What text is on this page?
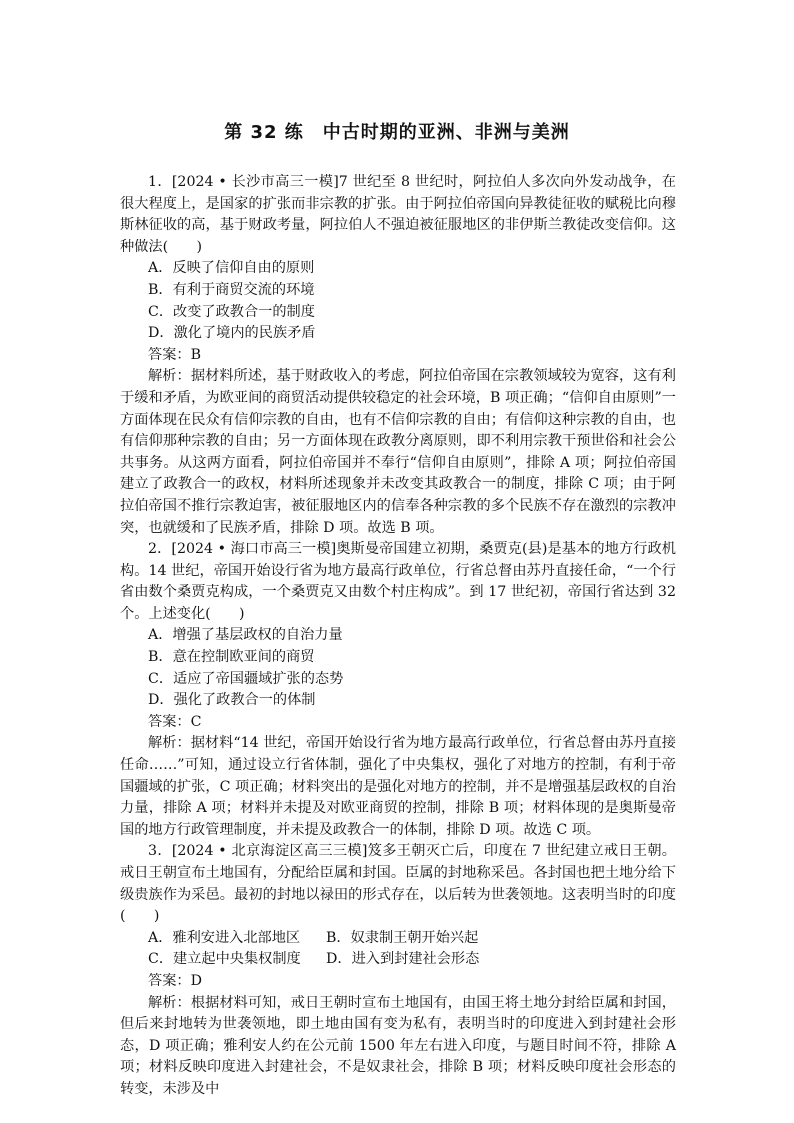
第 32 练　中古时期的亚洲、非洲与美洲

1．[2024 • 长沙市高三一模]7 世纪至 8 世纪时，阿拉伯人多次向外发动战争，在很大程度上，是国家的扩张而非宗教的扩张。由于阿拉伯帝国向异教徒征收的赋税比向穆斯林征收的高，基于财政考量，阿拉伯人不强迫被征服地区的非伊斯兰教徒改变信仰。这种做法(　　)

A．反映了信仰自由的原则

B．有利于商贸交流的环境

C．改变了政教合一的制度

D．激化了境内的民族矛盾

答案：B

解析：据材料所述，基于财政收入的考虑，阿拉伯帝国在宗教领域较为宽容，这有利于缓和矛盾，为欧亚间的商贸活动提供较稳定的社会环境，B 项正确；“信仰自由原则”一方面体现在民众有信仰宗教的自由，也有不信仰宗教的自由；有信仰这种宗教的自由，也有信仰那种宗教的自由；另一方面体现在政教分离原则，即不利用宗教干预世俗和社会公共事务。从这两方面看，阿拉伯帝国并不奉行“信仰自由原则”，排除 A 项；阿拉伯帝国建立了政教合一的政权，材料所述现象并未改变其政教合一的制度，排除 C 项；由于阿拉伯帝国不推行宗教迫害，被征服地区内的信奉各种宗教的多个民族不存在激烈的宗教冲突，也就缓和了民族矛盾，排除 D 项。故选 B 项。

2．[2024 • 海口市高三一模]奥斯曼帝国建立初期，桑贾克(县)是基本的地方行政机构。14 世纪，帝国开始设行省为地方最高行政单位，行省总督由苏丹直接任命，“一个行省由数个桑贾克构成，一个桑贾克又由数个村庄构成”。到 17 世纪初，帝国行省达到 32 个。上述变化(　　)

A．增强了基层政权的自治力量

B．意在控制欧亚间的商贸

C．适应了帝国疆域扩张的态势

D．强化了政教合一的体制

答案：C

解析：据材料“14 世纪，帝国开始设行省为地方最高行政单位，行省总督由苏丹直接任命……”可知，通过设立行省体制，强化了中央集权，强化了对地方的控制，有利于帝国疆域的扩张，C 项正确；材料突出的是强化对地方的控制，并不是增强基层政权的自治力量，排除 A 项；材料并未提及对欧亚商贸的控制，排除 B 项；材料体现的是奥斯曼帝国的地方行政管理制度，并未提及政教合一的体制，排除 D 项。故选 C 项。

3．[2024 • 北京海淀区高三三模]笈多王朝灭亡后，印度在 7 世纪建立戒日王朝。戒日王朝宣布土地国有，分配给臣属和封国。臣属的封地称采邑。各封国也把土地分给下级贵族作为采邑。最初的封地以禄田的形式存在，以后转为世袭领地。这表明当时的印度(　　)

A．雅利安进入北部地区 B．奴隶制王朝开始兴起

C．建立起中央集权制度 D．进入到封建社会形态

答案：D

解析：根据材料可知，戒日王朝时宣布土地国有，由国王将土地分封给臣属和封国，但后来封地转为世袭领地，即土地由国有变为私有，表明当时的印度进入到封建社会形态，D 项正确；雅利安人约在公元前 1500 年左右进入印度，与题目时间不符，排除 A 项；材料反映印度进入封建社会，不是奴隶社会，排除 B 项；材料反映印度社会形态的转变，未涉及中
